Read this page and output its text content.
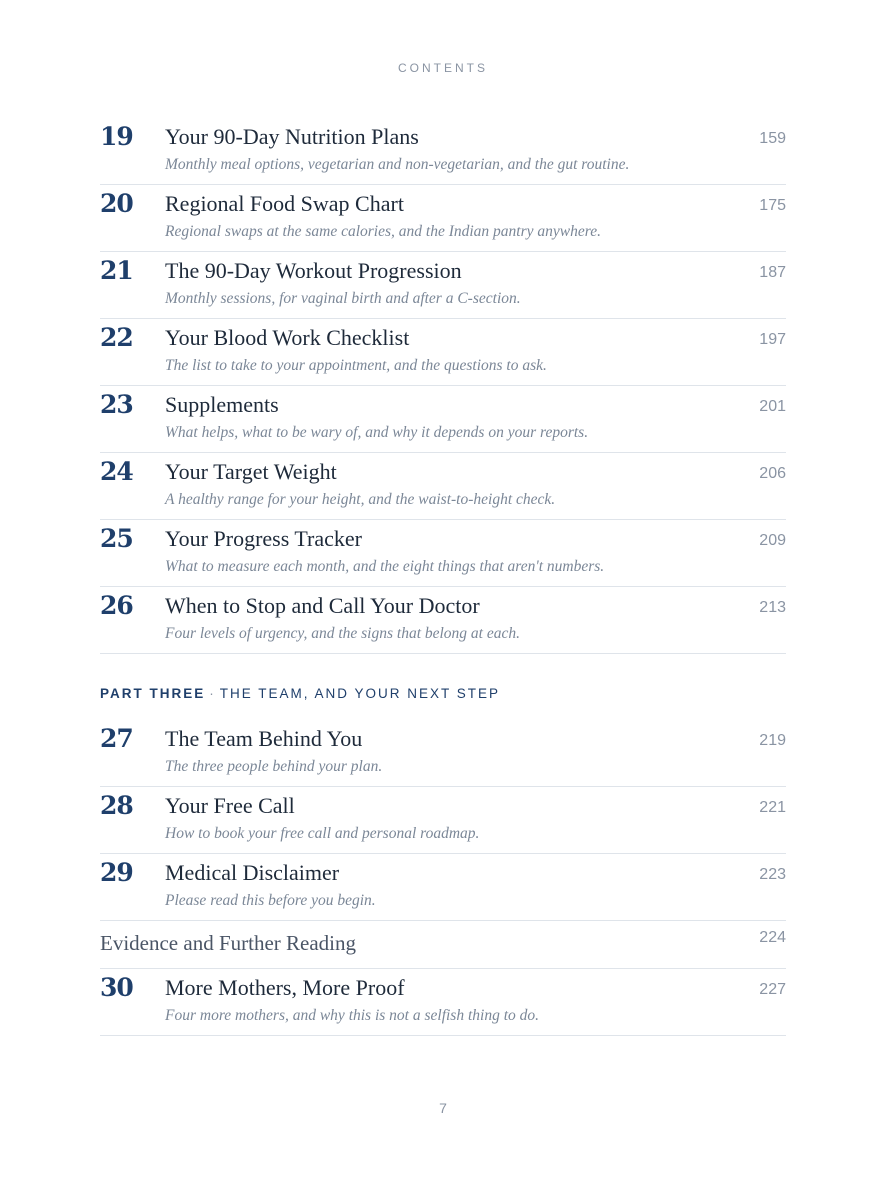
CONTENTS
19 Your 90-Day Nutrition Plans
Monthly meal options, vegetarian and non-vegetarian, and the gut routine.
159
20 Regional Food Swap Chart
Regional swaps at the same calories, and the Indian pantry anywhere.
175
21 The 90-Day Workout Progression
Monthly sessions, for vaginal birth and after a C-section.
187
22 Your Blood Work Checklist
The list to take to your appointment, and the questions to ask.
197
23 Supplements
What helps, what to be wary of, and why it depends on your reports.
201
24 Your Target Weight
A healthy range for your height, and the waist-to-height check.
206
25 Your Progress Tracker
What to measure each month, and the eight things that aren't numbers.
209
26 When to Stop and Call Your Doctor
Four levels of urgency, and the signs that belong at each.
213
PART THREE · THE TEAM, AND YOUR NEXT STEP
27 The Team Behind You
The three people behind your plan.
219
28 Your Free Call
How to book your free call and personal roadmap.
221
29 Medical Disclaimer
Please read this before you begin.
223
Evidence and Further Reading	224
30 More Mothers, More Proof
Four more mothers, and why this is not a selfish thing to do.
227
7
